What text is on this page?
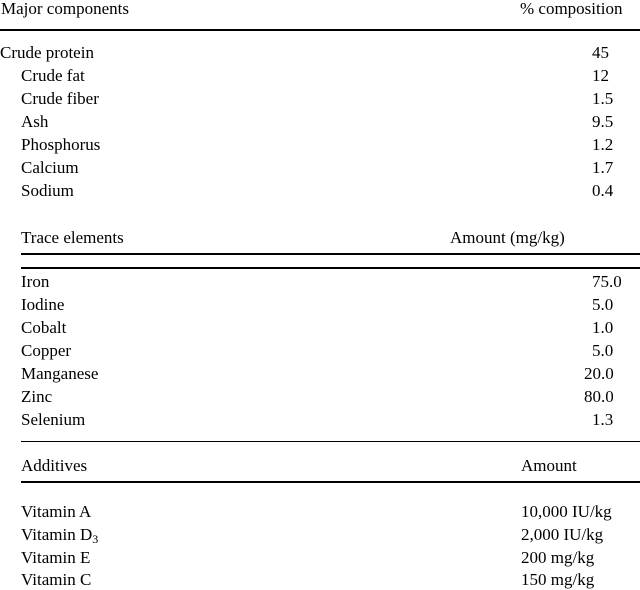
Major components	% composition
Crude protein	45
Crude fat	12
Crude fiber	1.5
Ash	9.5
Phosphorus	1.2
Calcium	1.7
Sodium	0.4
Trace elements	Amount (mg/kg)
Iron	75.0
Iodine	5.0
Cobalt	1.0
Copper	5.0
Manganese	20.0
Zinc	80.0
Selenium	1.3
Additives	Amount
Vitamin A	10,000 IU/kg
Vitamin $D_3$	2,000 IU/kg
Vitamin E	200 mg/kg
Vitamin C	150 mg/kg
